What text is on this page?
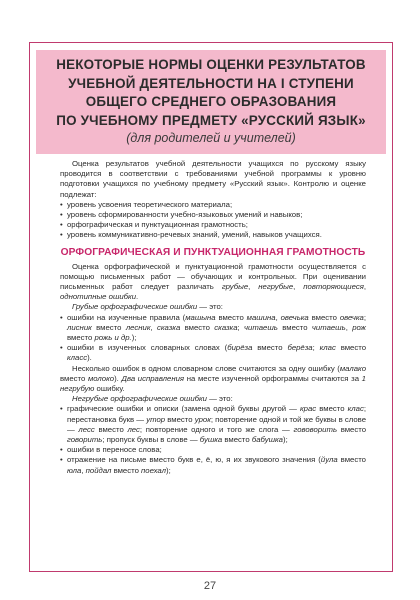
НЕКОТОРЫЕ НОРМЫ ОЦЕНКИ РЕЗУЛЬТАТОВ
УЧЕБНОЙ ДЕЯТЕЛЬНОСТИ НА I СТУПЕНИ
ОБЩЕГО СРЕДНЕГО ОБРАЗОВАНИЯ
ПО УЧЕБНОМУ ПРЕДМЕТУ «РУССКИЙ ЯЗЫК»
(для родителей и учителей)

Оценка результатов учебной деятельности учащихся по русскому языку проводится в соответствии с требованиями учебной программы к уровню подготовки учащихся по учебному предмету «Русский язык». Контролю и оценке подлежат:

• уровень усвоения теоретического материала;

• уровень сформированности учебно-языковых умений и навыков;

• орфографическая и пунктуационная грамотность;

• уровень коммуникативно-речевых знаний, умений, навыков учащихся.

ОРФОГРАФИЧЕСКАЯ И ПУНКТУАЦИОННАЯ ГРАМОТНОСТЬ

Оценка орфографической и пунктуационной грамотности осуществляется с помощью письменных работ — обучающих и контрольных. При оценивании письменных работ следует различать грубые, негрубые, повторяющиеся, однотипные ошибки.

Грубые орфографические ошибки — это:

• ошибки на изученные правила (машына вместо машина, овечька вместо овечка; лисник вместо лесник, сказка вместо сказка; читаешь вместо читаешь, рож вместо рожь и др.);

• ошибки в изученных словарных словах (бирёза вместо берёза; клас вместо класс).

Несколько ошибок в одном словарном слове считаются за одну ошибку (малако вместо молоко). Два исправления на месте изученной орфограммы считаются за 1 негрубую ошибку.

Негрубые орфографические ошибки — это:

• графические ошибки и описки (замена одной буквы другой — крас вместо клас; перестановка букв — утор вместо урок; повторение одной и той же буквы в слове — лесс вместо лес; повторение одного и того же слога — гововорить вместо говорить; пропуск буквы в слове — бушка вместо бабушка);

• ошибки в переносе слова;

• отражение на письме вместо букв е, ё, ю, я их звукового значения (йула вместо юла, пойдал вместо поехал);

27
